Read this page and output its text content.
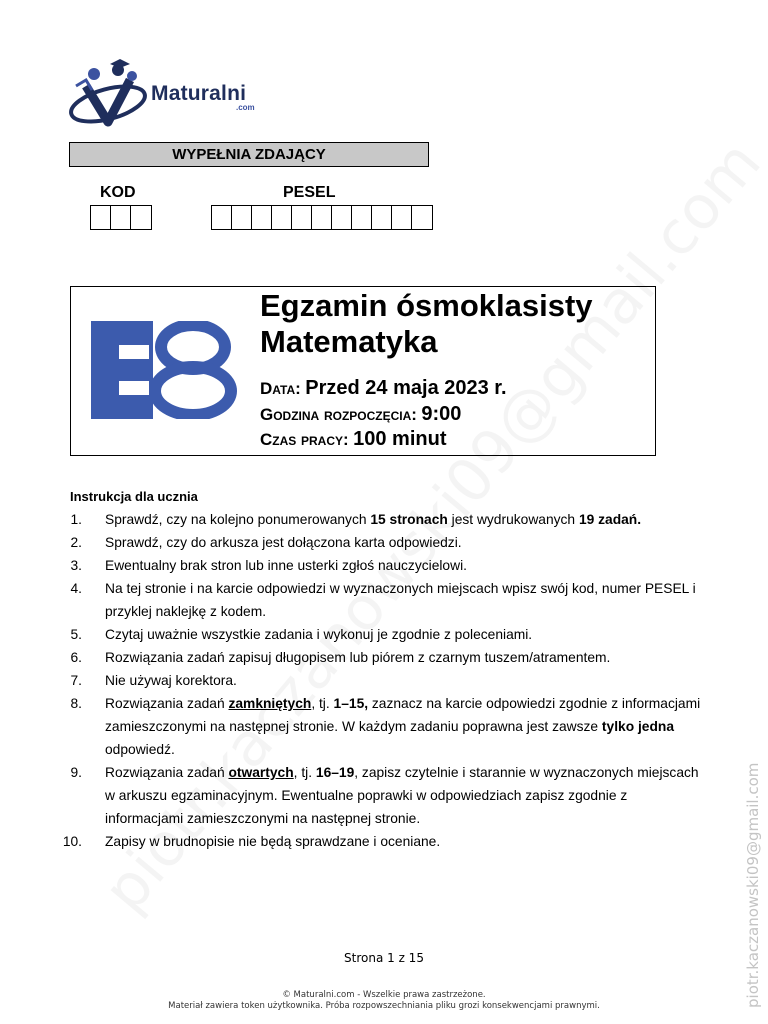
Maturalni
.com
WYPEŁNIA ZDAJĄCY
KOD	PESEL
Egzamin ósmoklasisty
Matematyka
Data: Przed 24 maja 2023 r.
Godzina rozpoczęcia: 9:00
Czas pracy: 100 minut
Instrukcja dla ucznia
1. Sprawdź, czy na kolejno ponumerowanych 15 stronach jest wydrukowanych 19 zadań.
2. Sprawdź, czy do arkusza jest dołączona karta odpowiedzi.
3. Ewentualny brak stron lub inne usterki zgłoś nauczycielowi.
4. Na tej stronie i na karcie odpowiedzi w wyznaczonych miejscach wpisz swój kod, numer PESEL i przyklej naklejkę z kodem.
5. Czytaj uważnie wszystkie zadania i wykonuj je zgodnie z poleceniami.
6. Rozwiązania zadań zapisuj długopisem lub piórem z czarnym tuszem/atramentem.
7. Nie używaj korektora.
8. Rozwiązania zadań zamkniętych, tj. 1–15, zaznacz na karcie odpowiedzi zgodnie z informacjami zamieszczonymi na następnej stronie. W każdym zadaniu poprawna jest zawsze tylko jedna odpowiedź.
9. Rozwiązania zadań otwartych, tj. 16–19, zapisz czytelnie i starannie w wyznaczonych miejscach w arkuszu egzaminacyjnym. Ewentualne poprawki w odpowiedziach zapisz zgodnie z informacjami zamieszczonymi na następnej stronie.
10. Zapisy w brudnopisie nie będą sprawdzane i oceniane.
Strona 1 z 15
© Maturalni.com - Wszelkie prawa zastrzeżone.
Materiał zawiera token użytkownika. Próba rozpowszechniania pliku grozi konsekwencjami prawnymi.	piotr.kaczanowski09@gmail.com
